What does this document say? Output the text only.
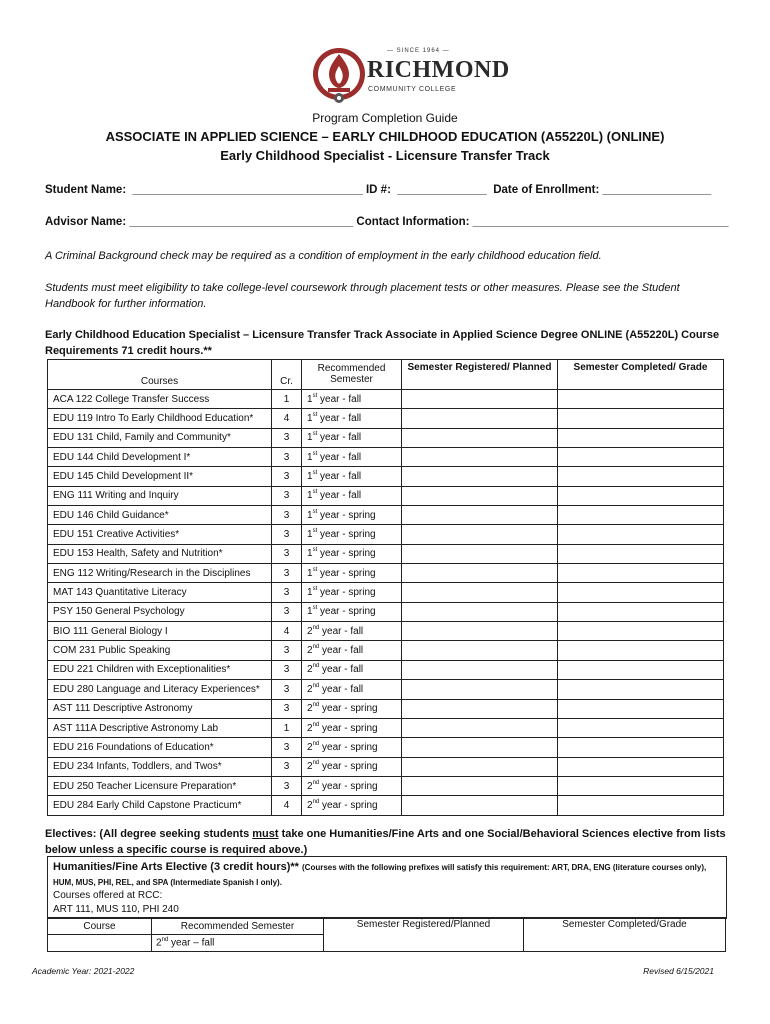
— SINCE 1964 —
RICHMOND
COMMUNITY COLLEGE
Program Completion Guide
ASSOCIATE IN APPLIED SCIENCE – EARLY CHILDHOOD EDUCATION (A55220L) (ONLINE)
Early Childhood Specialist - Licensure Transfer Track
Student Name:  ____________________________________ ID #:  ______________  Date of Enrollment: _________________
Advisor Name: ___________________________________ Contact Information: ________________________________________
A Criminal Background check may be required as a condition of employment in the early childhood education field.
Students must meet eligibility to take college-level coursework through placement tests or other measures. Please see the Student Handbook for further information.
Early Childhood Education Specialist – Licensure Transfer Track Associate in Applied Science Degree ONLINE (A55220L) Course Requirements 71 credit hours.**
Courses	Cr.	Recommended Semester	Semester Registered/ Planned	Semester Completed/ Grade
ACA 122 College Transfer Success	1	1st year - fall		
EDU 119 Intro To Early Childhood Education*	4	1st year - fall		
EDU 131 Child, Family and Community*	3	1st year - fall		
EDU 144 Child Development I*	3	1st year - fall		
EDU 145 Child Development II*	3	1st year - fall		
ENG 111 Writing and Inquiry	3	1st year - fall		
EDU 146 Child Guidance*	3	1st year - spring		
EDU 151 Creative Activities*	3	1st year - spring		
EDU 153 Health, Safety and Nutrition*	3	1st year - spring		
ENG 112 Writing/Research in the Disciplines	3	1st year - spring		
MAT 143 Quantitative Literacy	3	1st year - spring		
PSY 150 General Psychology	3	1st year - spring		
BIO 111 General Biology I	4	2nd year - fall		
COM 231 Public Speaking	3	2nd year - fall		
EDU 221 Children with Exceptionalities*	3	2nd year - fall		
EDU 280 Language and Literacy Experiences*	3	2nd year - fall		
AST 111 Descriptive Astronomy	3	2nd year - spring		
AST 111A Descriptive Astronomy Lab	1	2nd year - spring		
EDU 216 Foundations of Education*	3	2nd year - spring		
EDU 234 Infants, Toddlers, and Twos*	3	2nd year - spring		
EDU 250 Teacher Licensure Preparation*	3	2nd year - spring		
EDU 284 Early Child Capstone Practicum*	4	2nd year - spring		
Electives: (All degree seeking students must take one Humanities/Fine Arts and one Social/Behavioral Sciences elective from lists below unless a specific course is required above.)
Humanities/Fine Arts Elective (3 credit hours)** (Courses with the following prefixes will satisfy this requirement: ART, DRA, ENG (literature courses only), HUM, MUS, PHI, REL, and SPA (Intermediate Spanish I only).
Courses offered at RCC:
ART 111, MUS 110, PHI 240
Course	Recommended Semester	Semester Registered/Planned	Semester Completed/Grade
	2nd year – fall		
Academic Year: 2021-2022	Revised 6/15/2021
